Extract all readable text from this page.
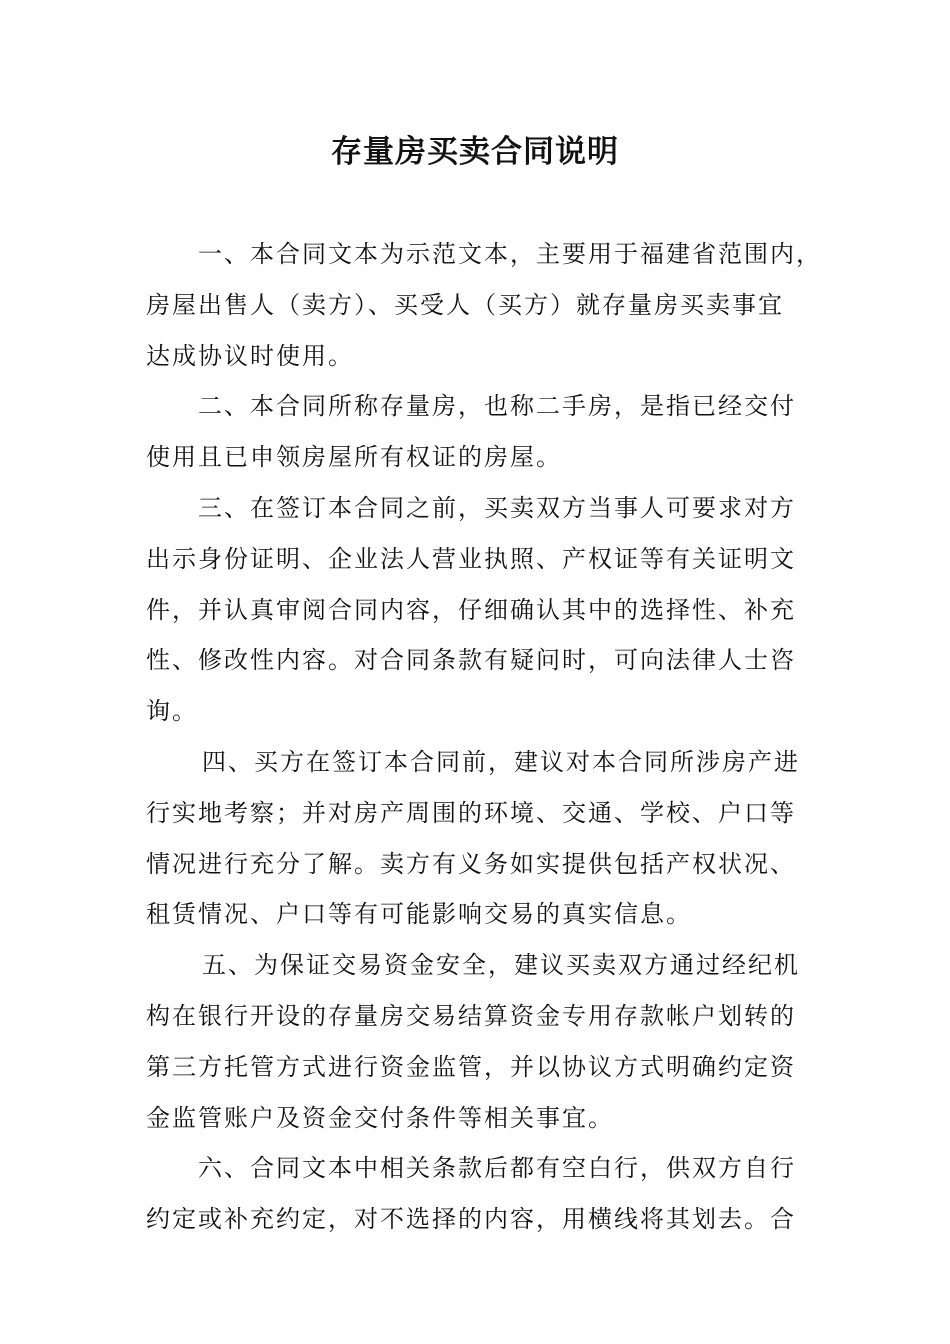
存量房买卖合同说明
一、本合同文本为示范文本，主要用于福建省范围内，
房屋出售人（卖方）、买受人（买方）就存量房买卖事宜
达成协议时使用。
二、本合同所称存量房，也称二手房，是指已经交付
使用且已申领房屋所有权证的房屋。
三、在签订本合同之前，买卖双方当事人可要求对方
出示身份证明、企业法人营业执照、产权证等有关证明文
件，并认真审阅合同内容，仔细确认其中的选择性、补充
性、修改性内容。对合同条款有疑问时，可向法律人士咨
询。
四、买方在签订本合同前，建议对本合同所涉房产进
行实地考察；并对房产周围的环境、交通、学校、户口等
情况进行充分了解。卖方有义务如实提供包括产权状况、
租赁情况、户口等有可能影响交易的真实信息。
五、为保证交易资金安全，建议买卖双方通过经纪机
构在银行开设的存量房交易结算资金专用存款帐户划转的
第三方托管方式进行资金监管，并以协议方式明确约定资
金监管账户及资金交付条件等相关事宜。
六、合同文本中相关条款后都有空白行，供双方自行
约定或补充约定，对不选择的内容，用横线将其划去。合
